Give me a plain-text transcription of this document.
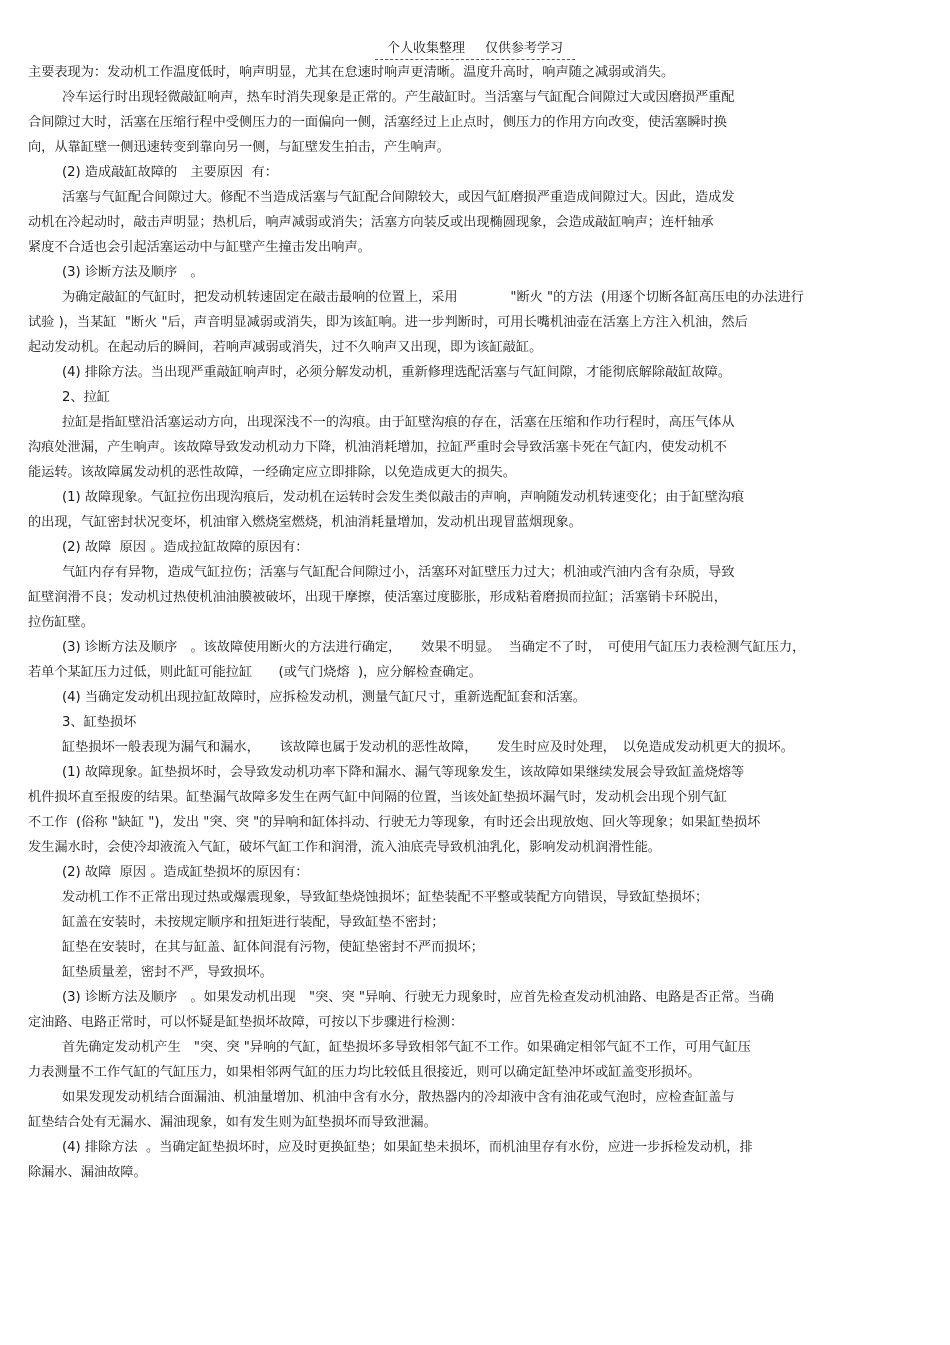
个人收集整理 仅供参考学习
主要表现为：发动机工作温度低时，响声明显，尤其在怠速时响声更清晰。温度升高时，响声随之减弱或消失。
冷车运行时出现轻微敲缸响声，热车时消失现象是正常的。产生敲缸时。当活塞与气缸配合间隙过大或因磨损严重配
合间隙过大时，活塞在压缩行程中受侧压力的一面偏向一侧，活塞经过上止点时，侧压力的作用方向改变，使活塞瞬时换
向，从靠缸壁一侧迅速转变到靠向另一侧，与缸壁发生拍击，产生响声。
(2) 造成敲缸故障的　主要原因  有：
活塞与气缸配合间隙过大。修配不当造成活塞与气缸配合间隙较大，或因气缸磨损严重造成间隙过大。因此，造成发
动机在冷起动时，敲击声明显；热机后，响声减弱或消失；活塞方向装反或出现椭圆现象，会造成敲缸响声；连杆轴承
紧度不合适也会引起活塞运动中与缸壁产生撞击发出响声。
(3) 诊断方法及顺序　。
为确定敲缸的气缸时，把发动机转速固定在敲击最响的位置上，采用　　　　"断火 "的方法  (用逐个切断各缸高压电的办法进行
试验 )，当某缸  "断火 "后，声音明显减弱或消失，即为该缸响。进一步判断时，可用长嘴机油壶在活塞上方注入机油，然后
起动发动机。在起动后的瞬间，若响声减弱或消失，过不久响声又出现，即为该缸敲缸。
(4) 排除方法。当出现严重敲缸响声时，必须分解发动机，重新修理选配活塞与气缸间隙，才能彻底解除敲缸故障。
2、拉缸
拉缸是指缸壁沿活塞运动方向，出现深浅不一的沟痕。由于缸壁沟痕的存在，活塞在压缩和作功行程时，高压气体从
沟痕处泄漏，产生响声。该故障导致发动机动力下降，机油消耗增加，拉缸严重时会导致活塞卡死在气缸内，使发动机不
能运转。该故障属发动机的恶性故障，一经确定应立即排除，以免造成更大的损失。
(1) 故障现象。气缸拉伤出现沟痕后，发动机在运转时会发生类似敲击的声响，声响随发动机转速变化；由于缸壁沟痕
的出现，气缸密封状况变坏，机油窜入燃烧室燃烧，机油消耗量增加，发动机出现冒蓝烟现象。
(2) 故障  原因 。造成拉缸故障的原因有：
气缸内存有异物，造成气缸拉伤；活塞与气缸配合间隙过小，活塞环对缸壁压力过大；机油或汽油内含有杂质，导致
缸壁润滑不良；发动机过热使机油油膜被破坏，出现干摩擦，使活塞过度膨胀，形成粘着磨损而拉缸；活塞销卡环脱出，
拉伤缸壁。
(3) 诊断方法及顺序　。该故障使用断火的方法进行确定，　　效果不明显。  当确定不了时，　可使用气缸压力表检测气缸压力，
若单个某缸压力过低，则此缸可能拉缸　　(或气门烧熔  )，应分解检查确定。
(4) 当确定发动机出现拉缸故障时，应拆检发动机，测量气缸尺寸，重新选配缸套和活塞。
3、缸垫损坏
缸垫损坏一般表现为漏气和漏水，　　该故障也属于发动机的恶性故障，　　发生时应及时处理，　以免造成发动机更大的损坏。
(1) 故障现象。缸垫损坏时，会导致发动机功率下降和漏水、漏气等现象发生，该故障如果继续发展会导致缸盖烧熔等
机件损坏直至报废的结果。缸垫漏气故障多发生在两气缸中间隔的位置，当该处缸垫损坏漏气时，发动机会出现个别气缸
不工作  (俗称 "缺缸 ")，发出 "突、突 "的异响和缸体抖动、行驶无力等现象，有时还会出现放炮、回火等现象；如果缸垫损坏
发生漏水时，会使冷却液流入气缸，破坏气缸工作和润滑，流入油底壳导致机油乳化，影响发动机润滑性能。
(2) 故障  原因 。造成缸垫损坏的原因有：
发动机工作不正常出现过热或爆震现象，导致缸垫烧蚀损坏；缸垫装配不平整或装配方向错误，导致缸垫损坏；
缸盖在安装时，未按规定顺序和扭矩进行装配，导致缸垫不密封；
缸垫在安装时，在其与缸盖、缸体间混有污物，使缸垫密封不严而损坏；
缸垫质量差，密封不严，导致损坏。
(3) 诊断方法及顺序　。如果发动机出现　"突、突 "异响、行驶无力现象时，应首先检查发动机油路、电路是否正常。当确
定油路、电路正常时，可以怀疑是缸垫损坏故障，可按以下步骤进行检测：
首先确定发动机产生　"突、突 "异响的气缸，缸垫损坏多导致相邻气缸不工作。如果确定相邻气缸不工作，可用气缸压
力表测量不工作气缸的气缸压力，如果相邻两气缸的压力均比较低且很接近，则可以确定缸垫冲坏或缸盖变形损坏。
如果发现发动机结合面漏油、机油量增加、机油中含有水分，散热器内的冷却液中含有油花或气泡时，应检查缸盖与
缸垫结合处有无漏水、漏油现象，如有发生则为缸垫损坏而导致泄漏。
(4) 排除方法  。当确定缸垫损坏时，应及时更换缸垫；如果缸垫未损坏，而机油里存有水份，应进一步拆检发动机，排
除漏水、漏油故障。
